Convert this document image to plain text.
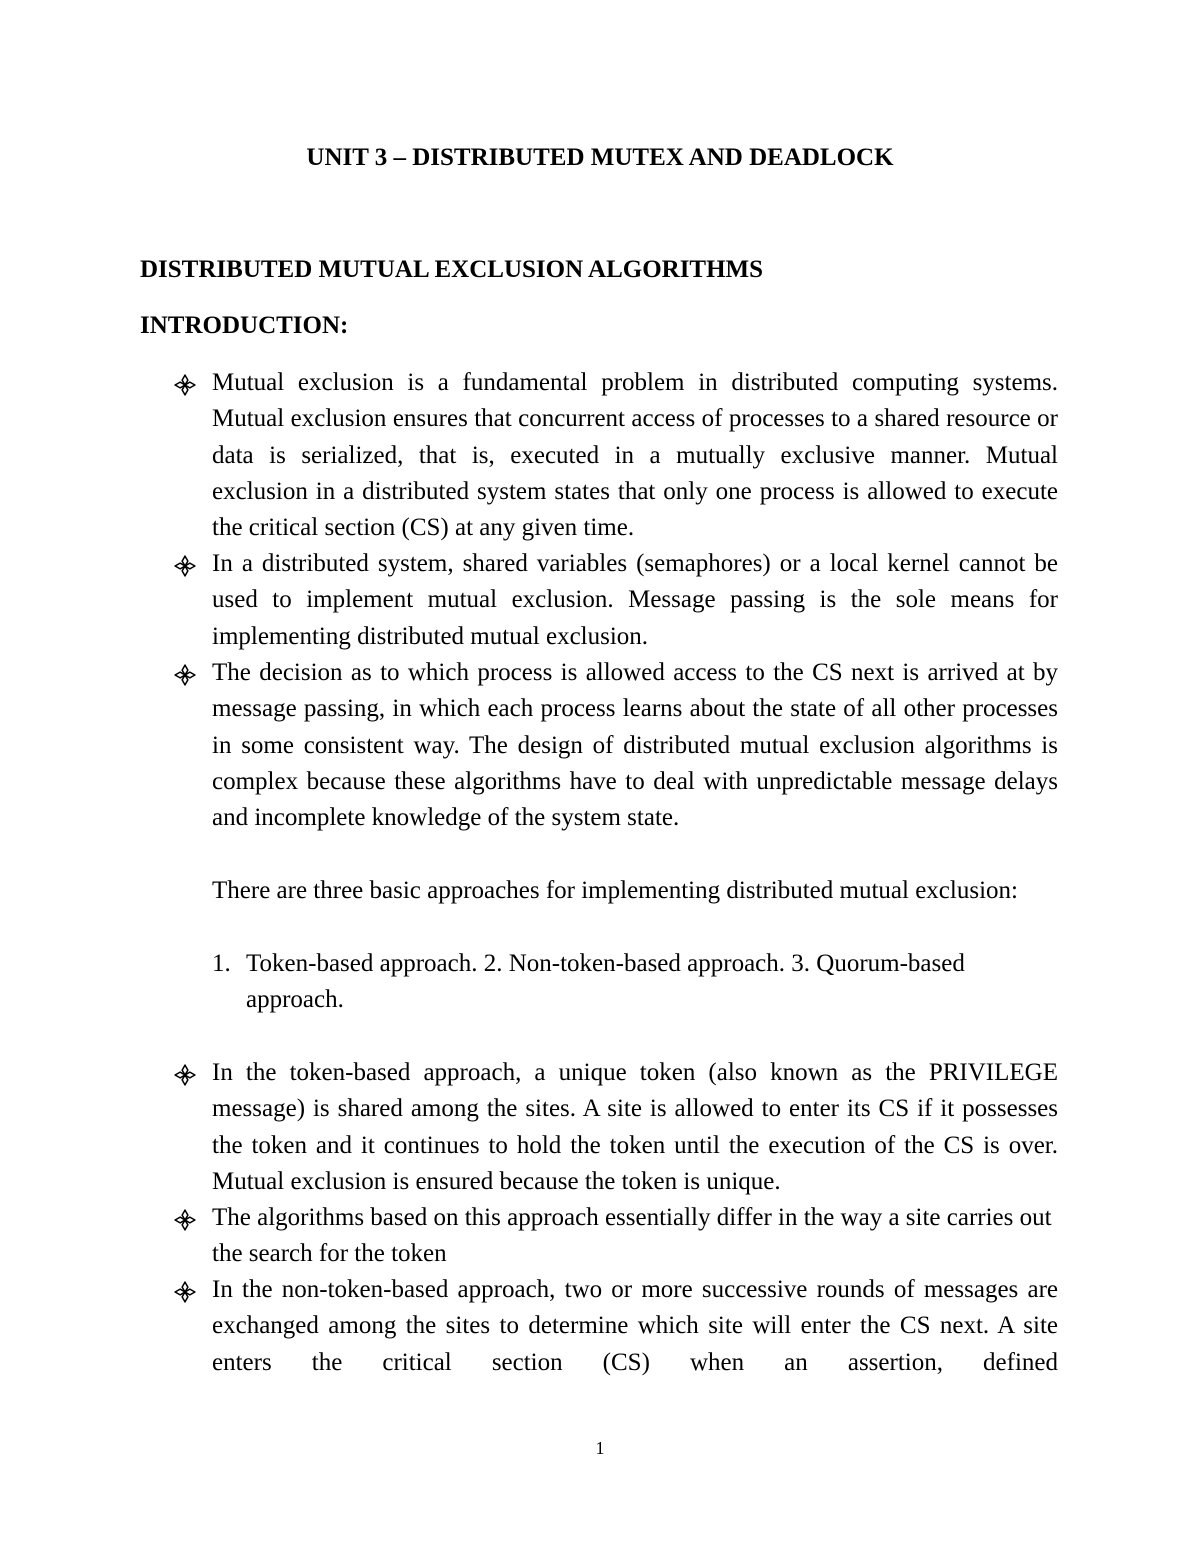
UNIT 3 – DISTRIBUTED MUTEX AND DEADLOCK
DISTRIBUTED MUTUAL EXCLUSION ALGORITHMS
INTRODUCTION:

Mutual exclusion is a fundamental problem in distributed computing systems. Mutual exclusion ensures that concurrent access of processes to a shared resource or data is serialized, that is, executed in a mutually exclusive manner. Mutual exclusion in a distributed system states that only one process is allowed to execute the critical section (CS) at any given time.

In a distributed system, shared variables (semaphores) or a local kernel cannot be used to implement mutual exclusion. Message passing is the sole means for implementing distributed mutual exclusion.

The decision as to which process is allowed access to the CS next is arrived at by message passing, in which each process learns about the state of all other processes in some consistent way. The design of distributed mutual exclusion algorithms is complex because these algorithms have to deal with unpredictable message delays and incomplete knowledge of the system state.

There are three basic approaches for implementing distributed mutual exclusion:

1. Token-based approach. 2. Non-token-based approach. 3. Quorum-based approach.

In the token-based approach, a unique token (also known as the PRIVILEGE message) is shared among the sites. A site is allowed to enter its CS if it possesses the token and it continues to hold the token until the execution of the CS is over. Mutual exclusion is ensured because the token is unique.

The algorithms based on this approach essentially differ in the way a site carries out the search for the token

In the non-token-based approach, two or more successive rounds of messages are exchanged among the sites to determine which site will enter the CS next. A site enters the critical section (CS) when an assertion, defined

1
